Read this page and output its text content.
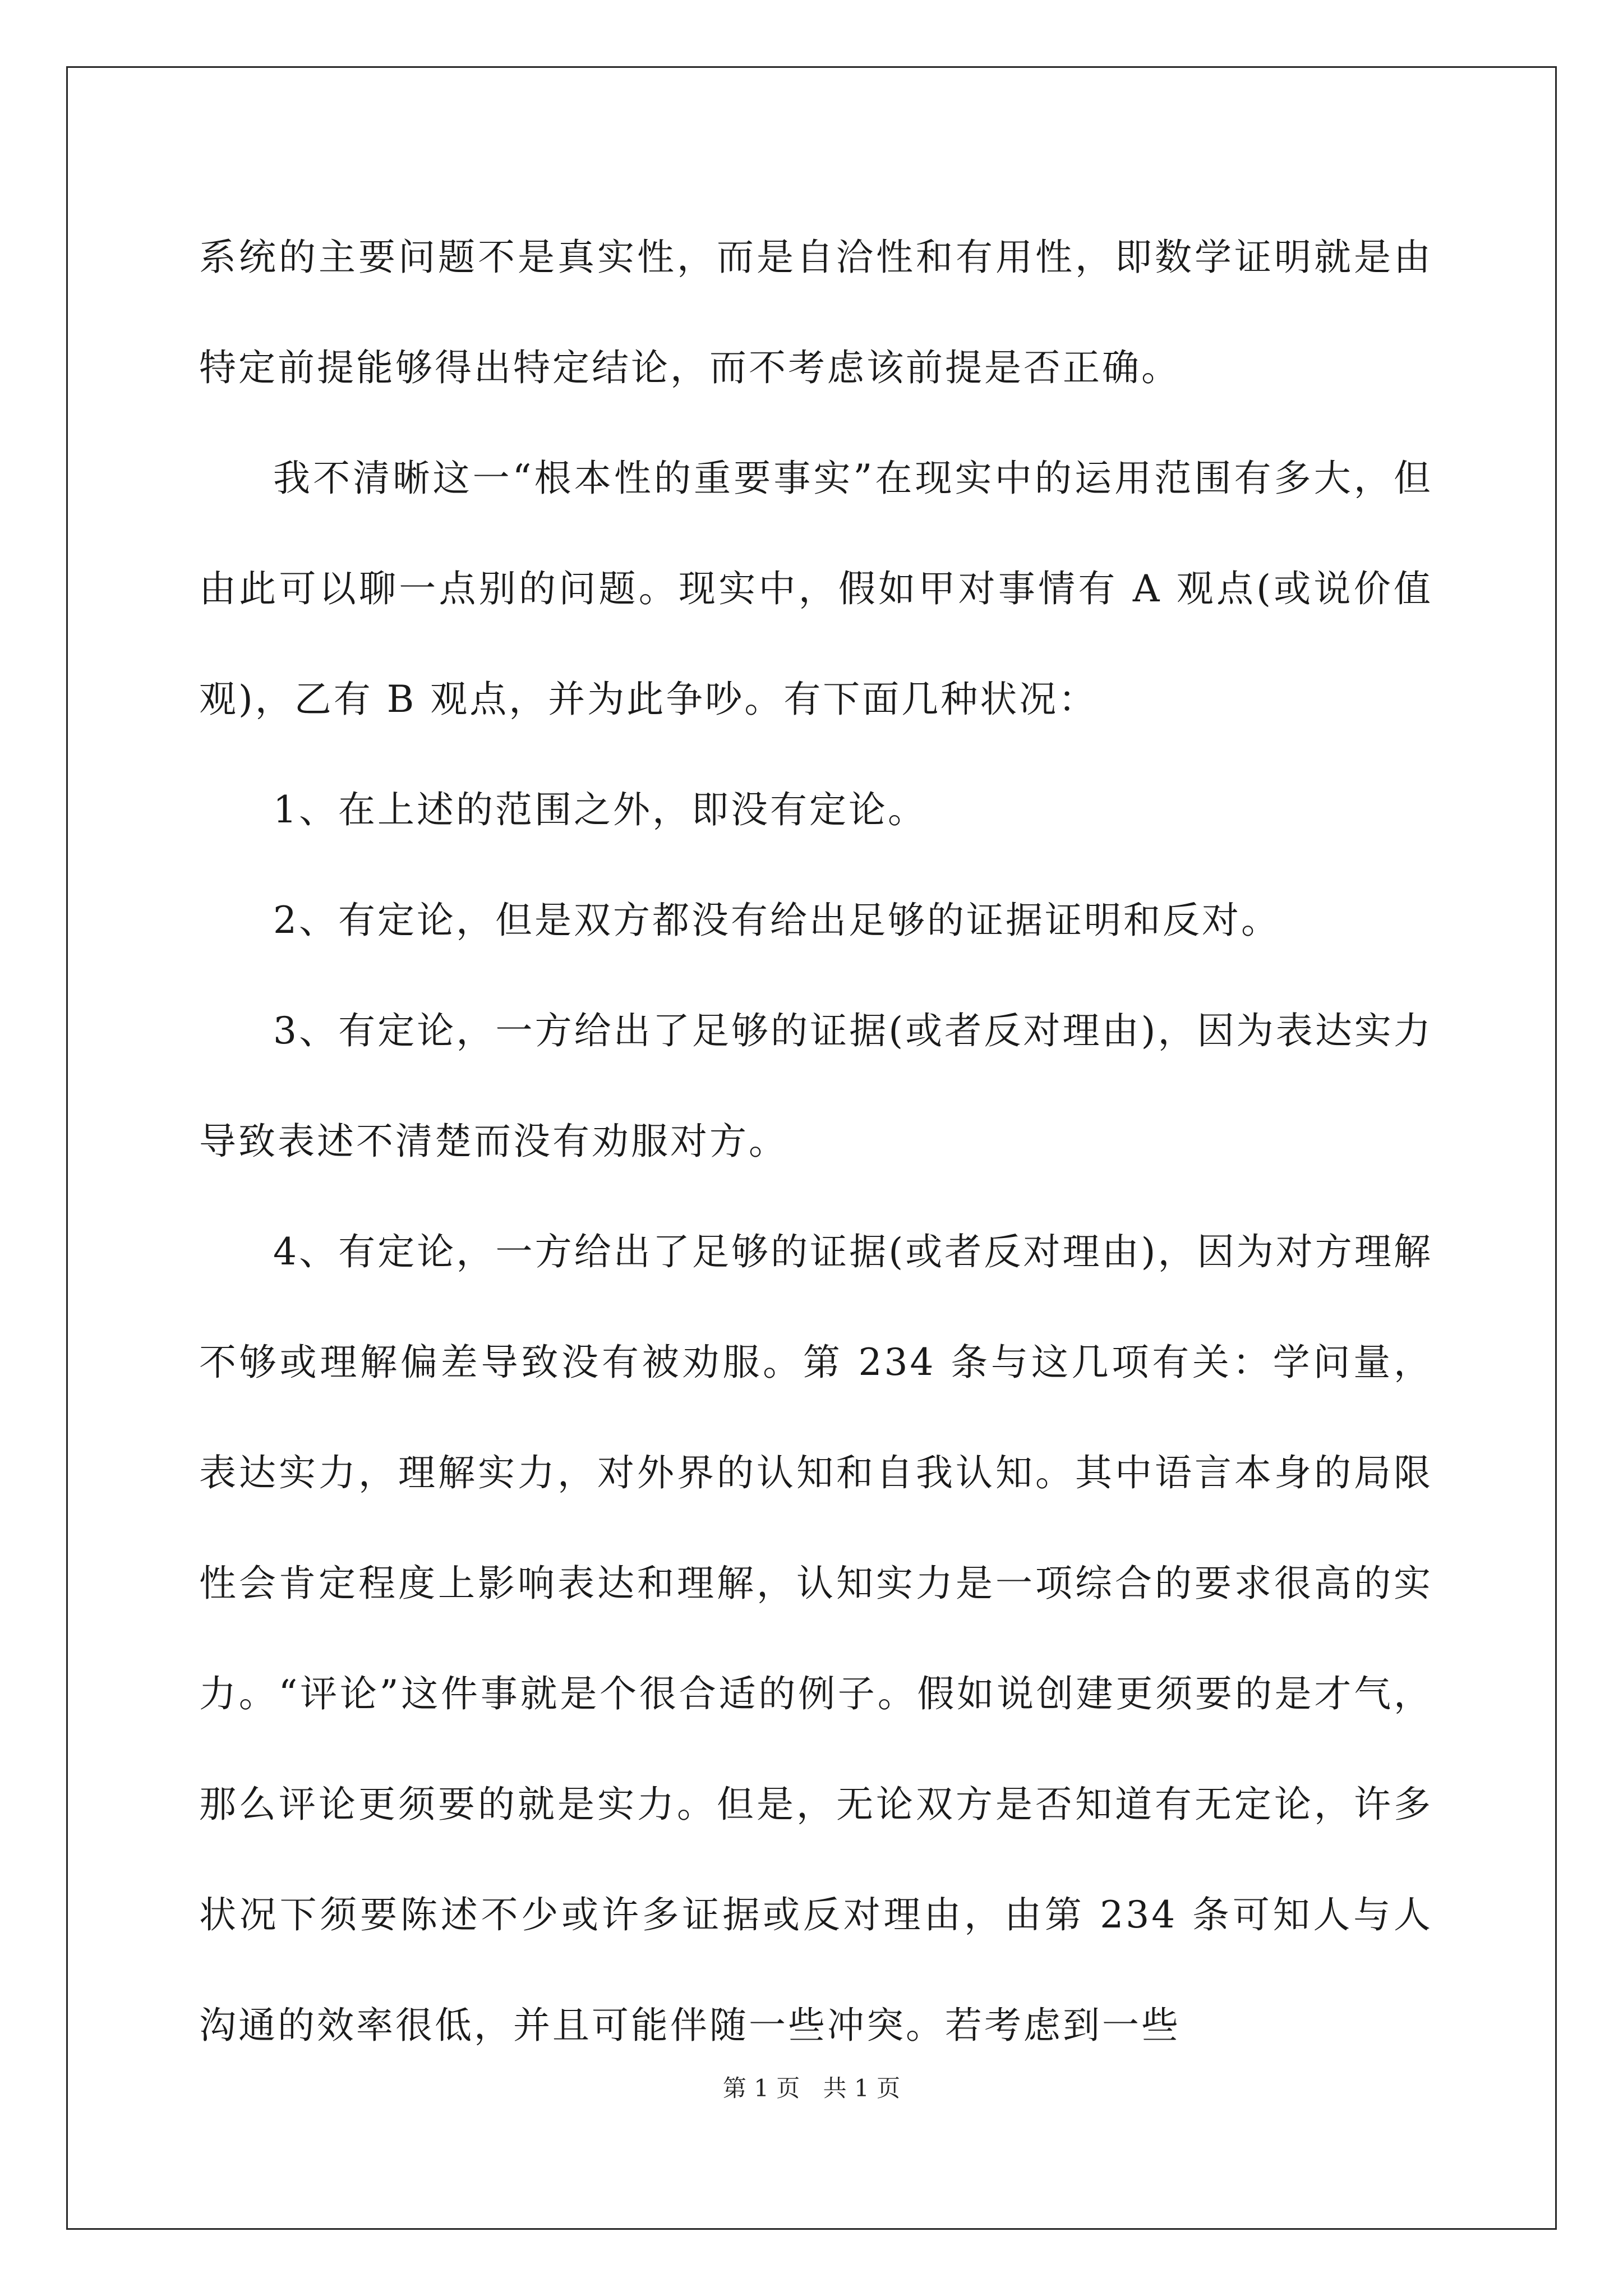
系统的主要问题不是真实性，而是自洽性和有用性，即数学证明就是由特定前提能够得出特定结论，而不考虑该前提是否正确。

我不清晰这一“根本性的重要事实”在现实中的运用范围有多大，但由此可以聊一点别的问题。现实中，假如甲对事情有 A 观点(或说价值观)，乙有 B 观点，并为此争吵。有下面几种状况：

1、在上述的范围之外，即没有定论。

2、有定论，但是双方都没有给出足够的证据证明和反对。

3、有定论，一方给出了足够的证据(或者反对理由)，因为表达实力导致表述不清楚而没有劝服对方。

4、有定论，一方给出了足够的证据(或者反对理由)，因为对方理解不够或理解偏差导致没有被劝服。第 234 条与这几项有关：学问量，表达实力，理解实力，对外界的认知和自我认知。其中语言本身的局限性会肯定程度上影响表达和理解，认知实力是一项综合的要求很高的实力。“评论”这件事就是个很合适的例子。假如说创建更须要的是才气，那么评论更须要的就是实力。但是，无论双方是否知道有无定论，许多状况下须要陈述不少或许多证据或反对理由，由第 234 条可知人与人沟通的效率很低，并且可能伴随一些冲突。若考虑到一些

第 1 页 共 1 页
